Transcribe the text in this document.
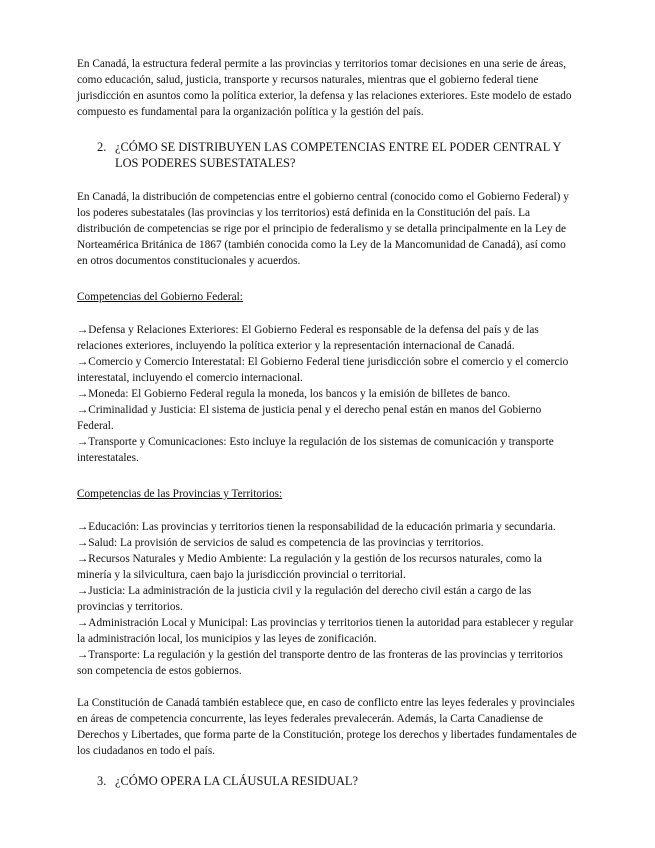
En Canadá, la estructura federal permite a las provincias y territorios tomar decisiones en una serie de áreas, como educación, salud, justicia, transporte y recursos naturales, mientras que el gobierno federal tiene jurisdicción en asuntos como la política exterior, la defensa y las relaciones exteriores. Este modelo de estado compuesto es fundamental para la organización política y la gestión del país.

2. ¿CÓMO SE DISTRIBUYEN LAS COMPETENCIAS ENTRE EL PODER CENTRAL Y LOS PODERES SUBESTATALES?

En Canadá, la distribución de competencias entre el gobierno central (conocido como el Gobierno Federal) y los poderes subestatales (las provincias y los territorios) está definida en la Constitución del país. La distribución de competencias se rige por el principio de federalismo y se detalla principalmente en la Ley de Norteamérica Británica de 1867 (también conocida como la Ley de la Mancomunidad de Canadá), así como en otros documentos constitucionales y acuerdos.

Competencias del Gobierno Federal:

→Defensa y Relaciones Exteriores: El Gobierno Federal es responsable de la defensa del país y de las relaciones exteriores, incluyendo la política exterior y la representación internacional de Canadá.
→Comercio y Comercio Interestatal: El Gobierno Federal tiene jurisdicción sobre el comercio y el comercio interestatal, incluyendo el comercio internacional.
→Moneda: El Gobierno Federal regula la moneda, los bancos y la emisión de billetes de banco.
→Criminalidad y Justicia: El sistema de justicia penal y el derecho penal están en manos del Gobierno Federal.
→Transporte y Comunicaciones: Esto incluye la regulación de los sistemas de comunicación y transporte interestatales.

Competencias de las Provincias y Territorios:

→Educación: Las provincias y territorios tienen la responsabilidad de la educación primaria y secundaria.
→Salud: La provisión de servicios de salud es competencia de las provincias y territorios.
→Recursos Naturales y Medio Ambiente: La regulación y la gestión de los recursos naturales, como la minería y la silvicultura, caen bajo la jurisdicción provincial o territorial.
→Justicia: La administración de la justicia civil y la regulación del derecho civil están a cargo de las provincias y territorios.
→Administración Local y Municipal: Las provincias y territorios tienen la autoridad para establecer y regular la administración local, los municipios y las leyes de zonificación.
→Transporte: La regulación y la gestión del transporte dentro de las fronteras de las provincias y territorios son competencia de estos gobiernos.

La Constitución de Canadá también establece que, en caso de conflicto entre las leyes federales y provinciales en áreas de competencia concurrente, las leyes federales prevalecerán. Además, la Carta Canadiense de Derechos y Libertades, que forma parte de la Constitución, protege los derechos y libertades fundamentales de los ciudadanos en todo el país.

3. ¿CÓMO OPERA LA CLÁUSULA RESIDUAL?
